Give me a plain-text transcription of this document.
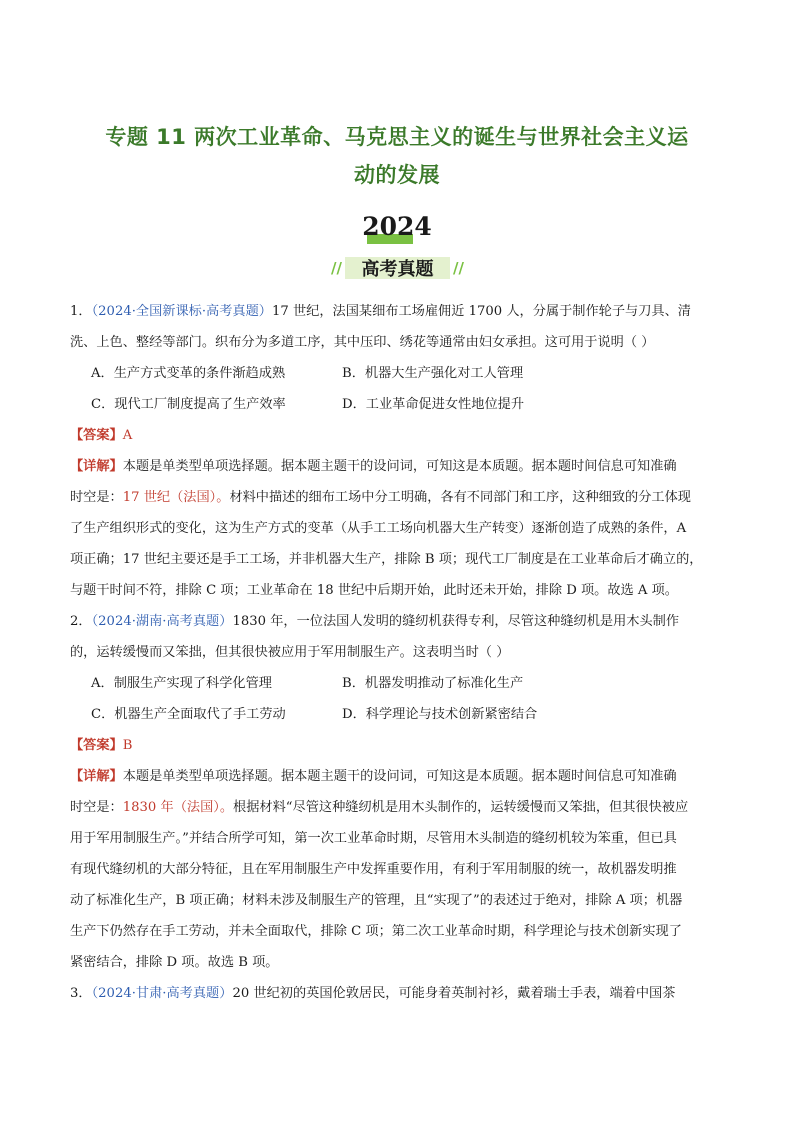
专题 11 两次工业革命、马克思主义的诞生与世界社会主义运
动的发展
2024
//	高考真题	//
1．（2024·全国新课标·高考真题）17 世纪，法国某细布工场雇佣近 1700 人，分属于制作轮子与刀具、清
洗、上色、整经等部门。织布分为多道工序，其中压印、绣花等通常由妇女承担。这可用于说明（ ）
A．生产方式变革的条件渐趋成熟	B．机器大生产强化对工人管理
C．现代工厂制度提高了生产效率	D．工业革命促进女性地位提升
【答案】A
【详解】本题是单类型单项选择题。据本题主题干的设问词，可知这是本质题。据本题时间信息可知准确
时空是：17 世纪（法国）。材料中描述的细布工场中分工明确，各有不同部门和工序，这种细致的分工体现
了生产组织形式的变化，这为生产方式的变革（从手工工场向机器大生产转变）逐渐创造了成熟的条件，A
项正确；17 世纪主要还是手工工场，并非机器大生产，排除 B 项；现代工厂制度是在工业革命后才确立的，
与题干时间不符，排除 C 项；工业革命在 18 世纪中后期开始，此时还未开始，排除 D 项。故选 A 项。
2．（2024·湖南·高考真题）1830 年，一位法国人发明的缝纫机获得专利，尽管这种缝纫机是用木头制作
的，运转缓慢而又笨拙，但其很快被应用于军用制服生产。这表明当时（ ）
A．制服生产实现了科学化管理	B．机器发明推动了标准化生产
C．机器生产全面取代了手工劳动	D．科学理论与技术创新紧密结合
【答案】B
【详解】本题是单类型单项选择题。据本题主题干的设问词，可知这是本质题。据本题时间信息可知准确
时空是：1830 年（法国）。根据材料“尽管这种缝纫机是用木头制作的，运转缓慢而又笨拙，但其很快被应
用于军用制服生产。”并结合所学可知，第一次工业革命时期，尽管用木头制造的缝纫机较为笨重，但已具
有现代缝纫机的大部分特征，且在军用制服生产中发挥重要作用，有利于军用制服的统一，故机器发明推
动了标准化生产，B 项正确；材料未涉及制服生产的管理，且“实现了”的表述过于绝对，排除 A 项；机器
生产下仍然存在手工劳动，并未全面取代，排除 C 项；第二次工业革命时期，科学理论与技术创新实现了
紧密结合，排除 D 项。故选 B 项。
3．（2024·甘肃·高考真题）20 世纪初的英国伦敦居民，可能身着英制衬衫，戴着瑞士手表，端着中国茶
